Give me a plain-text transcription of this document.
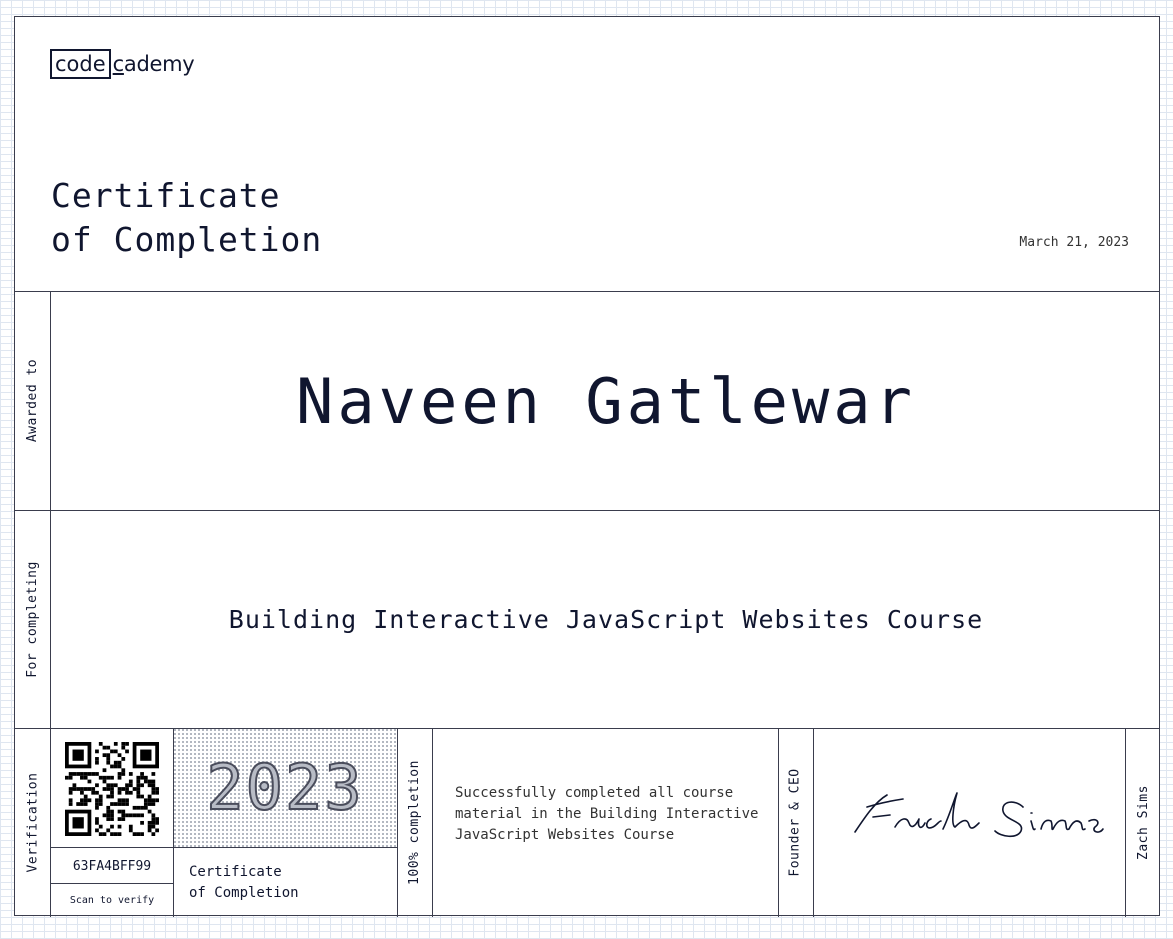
code cademy
Certificate
of Completion	March 21, 2023
Awarded to	Naveen Gatlewar
For completing	Building Interactive JavaScript Websites Course
Verification	63FA4BFF99
Scan to verify
2023
Certificate
of Completion
100% completion Successfully completed all course material in the Building Interactive JavaScript Websites Course	Founder & CEO	Zach Sims
